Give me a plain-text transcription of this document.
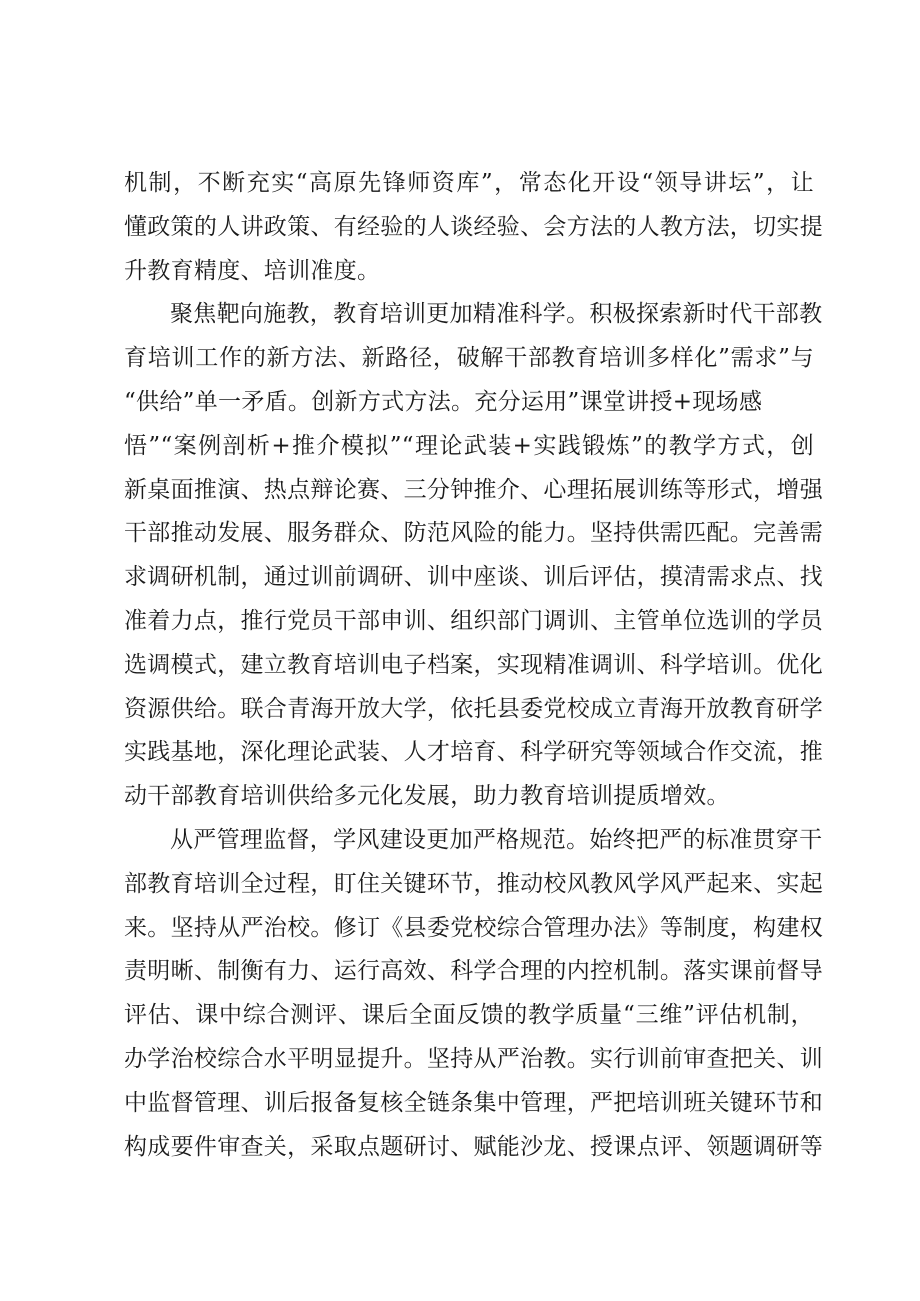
机制，不断充实“高原先锋师资库”，常态化开设“领导讲坛”，让
懂政策的人讲政策、有经验的人谈经验、会方法的人教方法，切实提
升教育精度、培训准度。
聚焦靶向施教，教育培训更加精准科学。积极探索新时代干部教
育培训工作的新方法、新路径，破解干部教育培训多样化”需求”与
“供给”单一矛盾。创新方式方法。充分运用”课堂讲授+现场感
悟”“案例剖析+推介模拟”“理论武装+实践锻炼”的教学方式，创
新桌面推演、热点辩论赛、三分钟推介、心理拓展训练等形式，增强
干部推动发展、服务群众、防范风险的能力。坚持供需匹配。完善需
求调研机制，通过训前调研、训中座谈、训后评估，摸清需求点、找
准着力点，推行党员干部申训、组织部门调训、主管单位选训的学员
选调模式，建立教育培训电子档案，实现精准调训、科学培训。优化
资源供给。联合青海开放大学，依托县委党校成立青海开放教育研学
实践基地，深化理论武装、人才培育、科学研究等领域合作交流，推
动干部教育培训供给多元化发展，助力教育培训提质增效。
从严管理监督，学风建设更加严格规范。始终把严的标准贯穿干
部教育培训全过程，盯住关键环节，推动校风教风学风严起来、实起
来。坚持从严治校。修订《县委党校综合管理办法》等制度，构建权
责明晰、制衡有力、运行高效、科学合理的内控机制。落实课前督导
评估、课中综合测评、课后全面反馈的教学质量“三维”评估机制，
办学治校综合水平明显提升。坚持从严治教。实行训前审查把关、训
中监督管理、训后报备复核全链条集中管理，严把培训班关键环节和
构成要件审查关，采取点题研讨、赋能沙龙、授课点评、领题调研等
